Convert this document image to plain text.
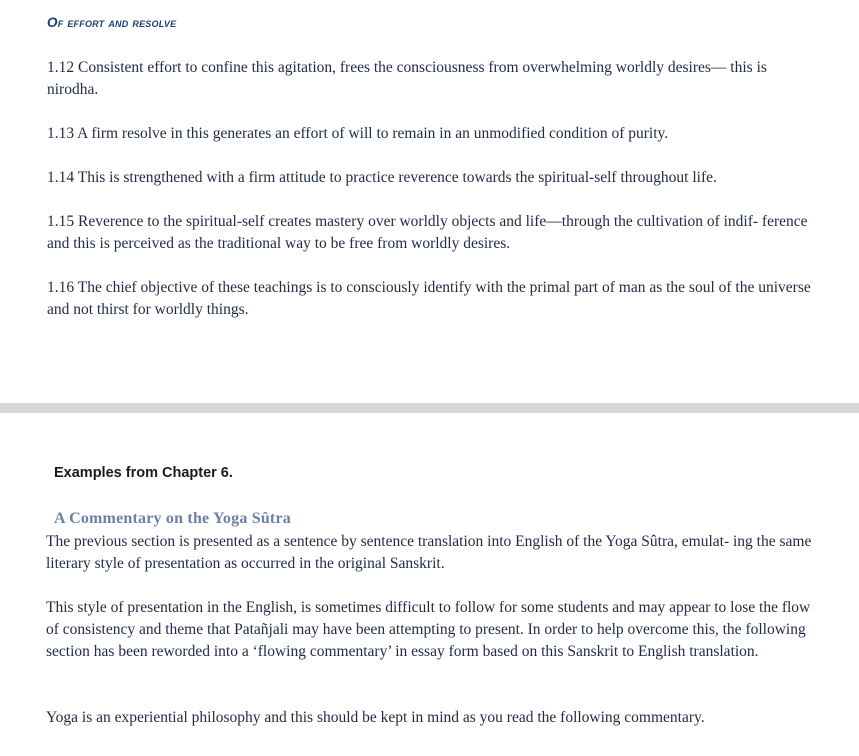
Of effort and resolve

1.12 Consistent effort to confine this agitation, frees the consciousness from overwhelming worldly desires— this is nirodha.

1.13 A firm resolve in this generates an effort of will to remain in an unmodified condition of purity.

1.14 This is strengthened with a firm attitude to practice reverence towards the spiritual-self throughout life.

1.15 Reverence to the spiritual-self creates mastery over worldly objects and life—through the cultivation of indif- ference and this is perceived as the traditional way to be free from worldly desires.

1.16 The chief objective of these teachings is to consciously identify with the primal part of man as the soul of the universe and not thirst for worldly things.

Examples from Chapter 6.
A Commentary on the Yoga Sûtra

The previous section is presented as a sentence by sentence translation into English of the Yoga Sûtra, emulat- ing the same literary style of presentation as occurred in the original Sanskrit.

This style of presentation in the English, is sometimes difficult to follow for some students and may appear to lose the flow of consistency and theme that Patañjali may have been attempting to present. In order to help overcome this, the following section has been reworded into a ‘flowing commentary’ in essay form based on this Sanskrit to English translation.

Yoga is an experiential philosophy and this should be kept in mind as you read the following commentary.
